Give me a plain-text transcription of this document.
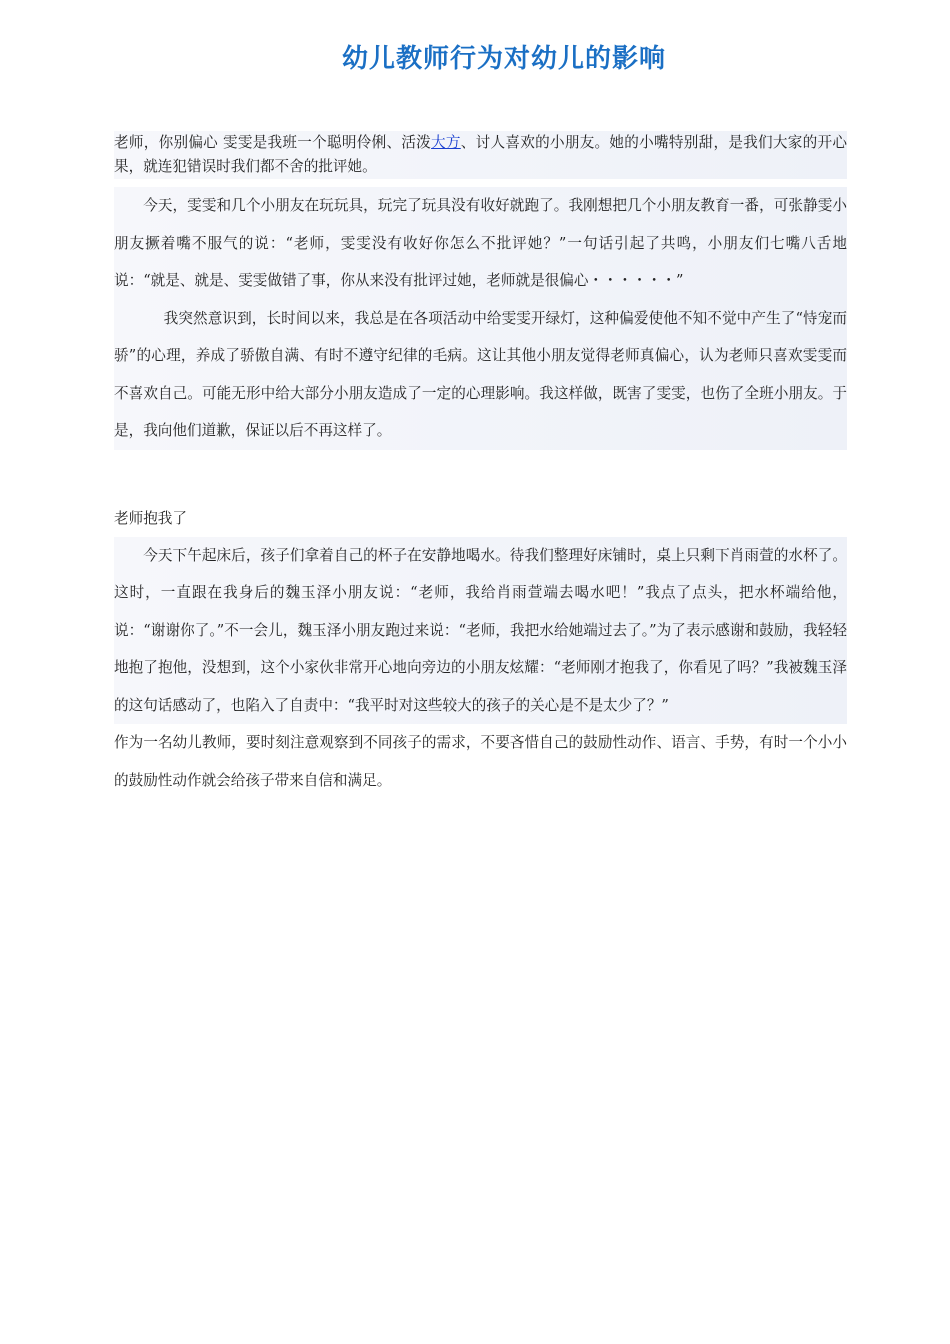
幼儿教师行为对幼儿的影响

老师，你别偏心 雯雯是我班一个聪明伶俐、活泼大方、讨人喜欢的小朋友。她的小嘴特别甜，是我们大家的开心果，就连犯错误时我们都不舍的批评她。

今天，雯雯和几个小朋友在玩玩具，玩完了玩具没有收好就跑了。我刚想把几个小朋友教育一番，可张静雯小朋友撅着嘴不服气的说：“老师，雯雯没有收好你怎么不批评她？”一句话引起了共鸣，小朋友们七嘴八舌地说：“就是、就是、雯雯做错了事，你从来没有批评过她，老师就是很偏心・・・・・・”

我突然意识到，长时间以来，我总是在各项活动中给雯雯开绿灯，这种偏爱使他不知不觉中产生了“恃宠而骄”的心理，养成了骄傲自满、有时不遵守纪律的毛病。这让其他小朋友觉得老师真偏心，认为老师只喜欢雯雯而不喜欢自己。可能无形中给大部分小朋友造成了一定的心理影响。我这样做，既害了雯雯，也伤了全班小朋友。于是，我向他们道歉，保证以后不再这样了。

老师抱我了

今天下午起床后，孩子们拿着自己的杯子在安静地喝水。待我们整理好床铺时，桌上只剩下肖雨萱的水杯了。这时，一直跟在我身后的魏玉泽小朋友说：“老师，我给肖雨萱端去喝水吧！”我点了点头，把水杯端给他，说：“谢谢你了。”不一会儿，魏玉泽小朋友跑过来说：“老师，我把水给她端过去了。”为了表示感谢和鼓励，我轻轻地抱了抱他，没想到，这个小家伙非常开心地向旁边的小朋友炫耀：“老师刚才抱我了，你看见了吗？”我被魏玉泽的这句话感动了，也陷入了自责中：“我平时对这些较大的孩子的关心是不是太少了？”

作为一名幼儿教师，要时刻注意观察到不同孩子的需求，不要吝惜自己的鼓励性动作、语言、手势，有时一个小小的鼓励性动作就会给孩子带来自信和满足。
